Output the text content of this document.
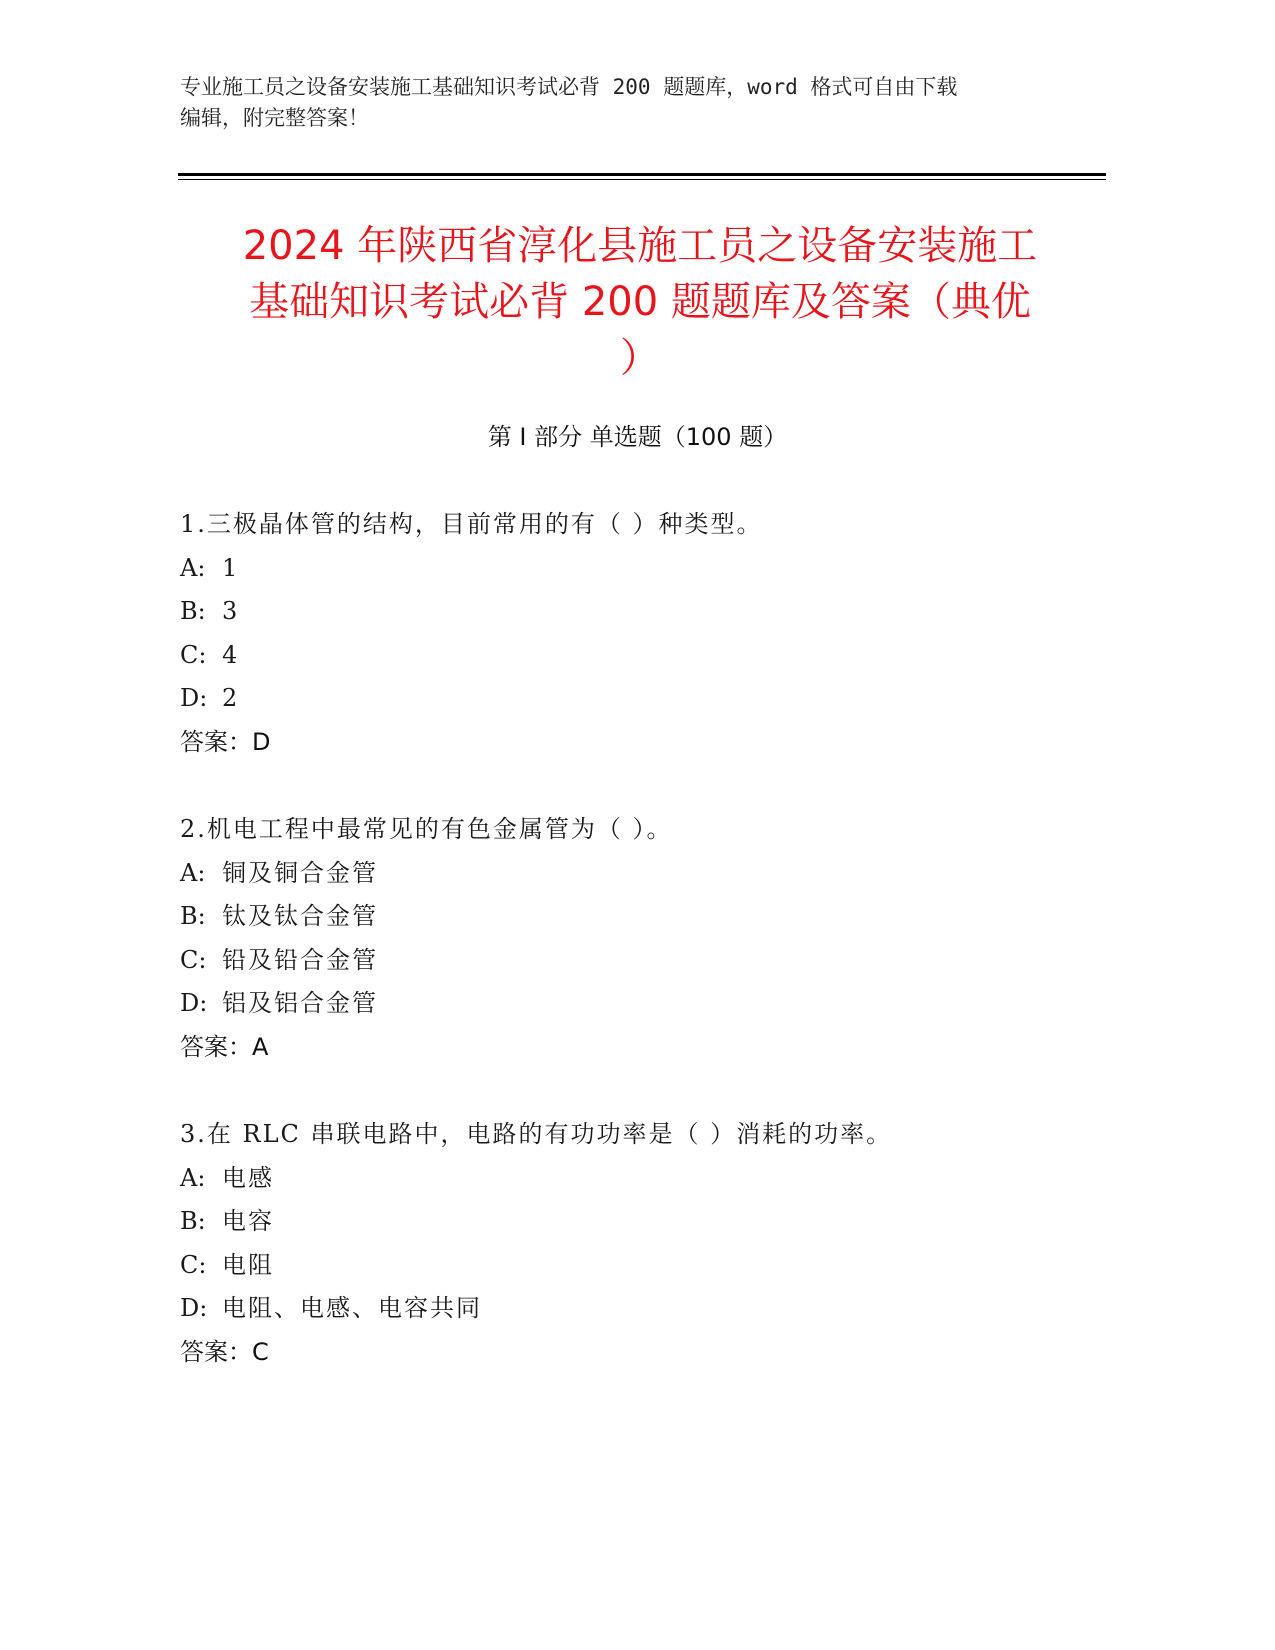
专业施工员之设备安装施工基础知识考试必背 200 题题库，word 格式可自由下载
编辑，附完整答案！
2024 年陕西省淳化县施工员之设备安装施工
基础知识考试必背 200 题题库及答案（典优
）
第 I 部分 单选题（100 题）
1.三极晶体管的结构，目前常用的有（ ）种类型。
A: 1
B: 3
C: 4
D: 2
答案：D
2.机电工程中最常见的有色金属管为（ ）。
A: 铜及铜合金管
B: 钛及钛合金管
C: 铅及铅合金管
D: 铝及铝合金管
答案：A
3.在 RLC 串联电路中，电路的有功功率是（ ）消耗的功率。
A: 电感
B: 电容
C: 电阻
D: 电阻、电感、电容共同
答案：C
